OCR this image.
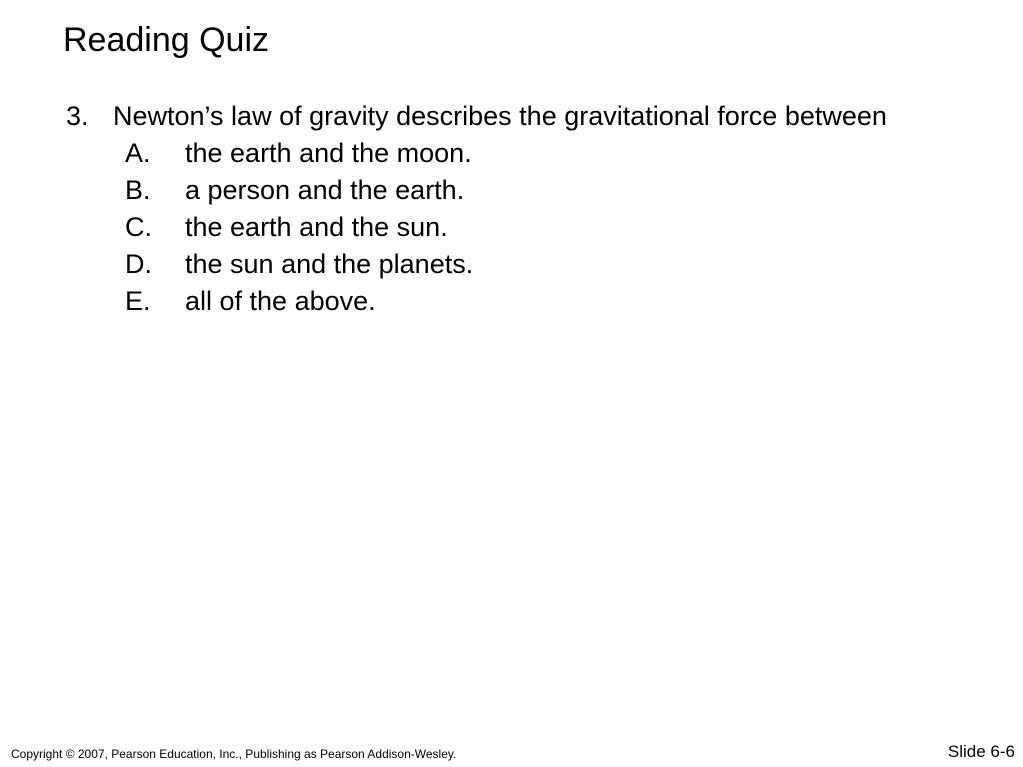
Reading Quiz
3. Newton’s law of gravity describes the gravitational force between
A.	the earth and the moon.
B.	a person and the earth.
C.	the earth and the sun.
D.	the sun and the planets.
E.	all of the above.
Copyright © 2007, Pearson Education, Inc., Publishing as Pearson Addison-Wesley.	Slide 6-6
